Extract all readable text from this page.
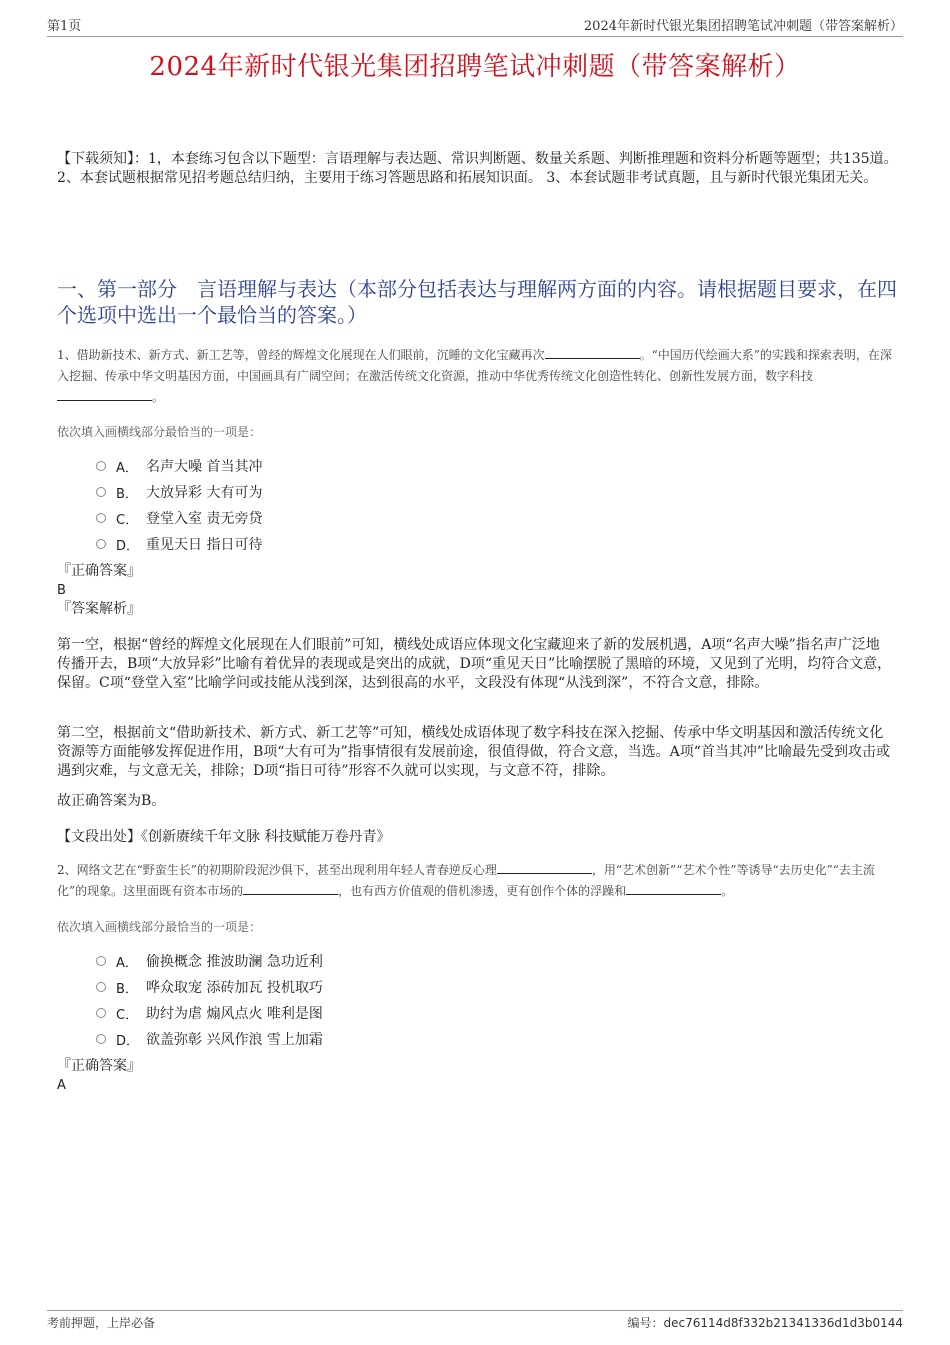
第1页	2024年新时代银光集团招聘笔试冲刺题（带答案解析）
2024年新时代银光集团招聘笔试冲刺题（带答案解析）
【下载须知】：1，本套练习包含以下题型：言语理解与表达题、常识判断题、数量关系题、判断推理题和资料分析题等题型；共135道。 2、本套试题根据常见招考题总结归纳，主要用于练习答题思路和拓展知识面。 3、本套试题非考试真题，且与新时代银光集团无关。
一、第一部分　言语理解与表达（本部分包括表达与理解两方面的内容。请根据题目要求，在四个选项中选出一个最恰当的答案。）
1、借助新技术、新方式、新工艺等，曾经的辉煌文化展现在人们眼前，沉睡的文化宝藏再次	。“中国历代绘画大系”的实践和探索表明，在深入挖掘、传承中华文明基因方面，中国画具有广阔空间；在激活传统文化资源，推动中华优秀传统文化创造性转化、创新性发展方面，数字科技。
依次填入画横线部分最恰当的一项是：
A． 名声大噪 首当其冲
B． 大放异彩 大有可为
C． 登堂入室 责无旁贷
D． 重见天日 指日可待
『正确答案』
B
『答案解析』
第一空，根据“曾经的辉煌文化展现在人们眼前”可知，横线处成语应体现文化宝藏迎来了新的发展机遇，A项“名声大噪”指名声广泛地传播开去，B项“大放异彩”比喻有着优异的表现或是突出的成就，D项“重见天日”比喻摆脱了黑暗的环境，又见到了光明，均符合文意，保留。C项“登堂入室”比喻学问或技能从浅到深，达到很高的水平，文段没有体现“从浅到深”，不符合文意，排除。
第二空，根据前文“借助新技术、新方式、新工艺等”可知，横线处成语体现了数字科技在深入挖掘、传承中华文明基因和激活传统文化资源等方面能够发挥促进作用，B项“大有可为”指事情很有发展前途，很值得做，符合文意，当选。A项“首当其冲”比喻最先受到攻击或遇到灾难，与文意无关，排除；D项“指日可待”形容不久就可以实现，与文意不符，排除。
故正确答案为B。
【文段出处】《创新赓续千年文脉 科技赋能万卷丹青》
2、网络文艺在“野蛮生长”的初期阶段泥沙俱下，甚至出现利用年轻人青春逆反心理	，用“艺术创新”“艺术个性”等诱导“去历史化”“去主流化”的现象。这里面既有资本市场的	，也有西方价值观的借机渗透，更有创作个体的浮躁和	。
依次填入画横线部分最恰当的一项是：
A． 偷换概念 推波助澜 急功近利
B． 哗众取宠 添砖加瓦 投机取巧
C． 助纣为虐 煽风点火 唯利是图
D． 欲盖弥彰 兴风作浪 雪上加霜
『正确答案』
A
考前押题，上岸必备	编号：dec76114d8f332b21341336d1d3b0144
